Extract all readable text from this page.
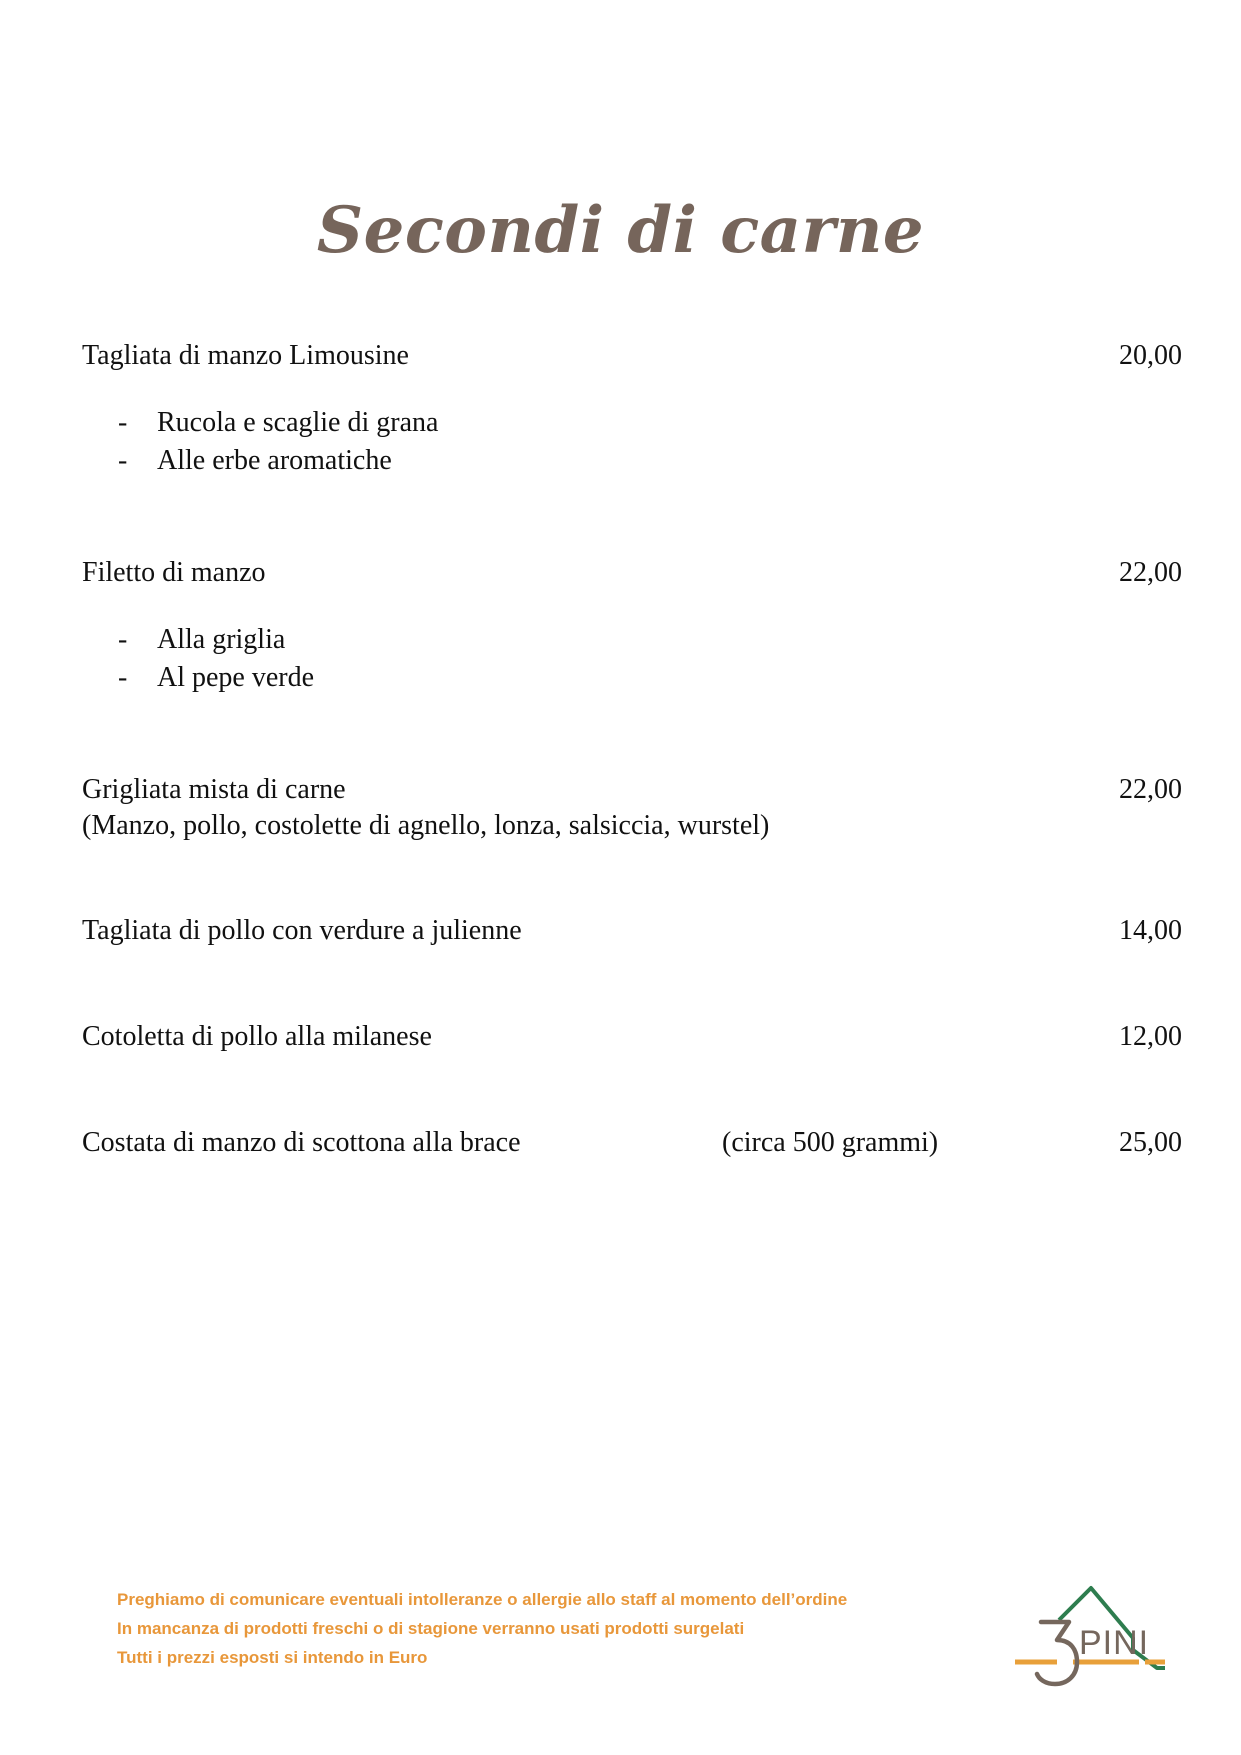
Secondi di carne
Tagliata di manzo Limousine	20,00
- Rucola e scaglie di grana
- Alle erbe aromatiche
Filetto di manzo	22,00
- Alla griglia
- Al pepe verde
Grigliata mista di carne	22,00
(Manzo, pollo, costolette di agnello, lonza, salsiccia, wurstel)
Tagliata di pollo con verdure a julienne	14,00
Cotoletta di pollo alla milanese	12,00
Costata di manzo di scottona alla brace	(circa 500 grammi)	25,00
Preghiamo di comunicare eventuali intolleranze o allergie allo staff al momento dell’ordine
In mancanza di prodotti freschi o di stagione verranno usati prodotti surgelati
Tutti i prezzi esposti si intendo in Euro	PINI
